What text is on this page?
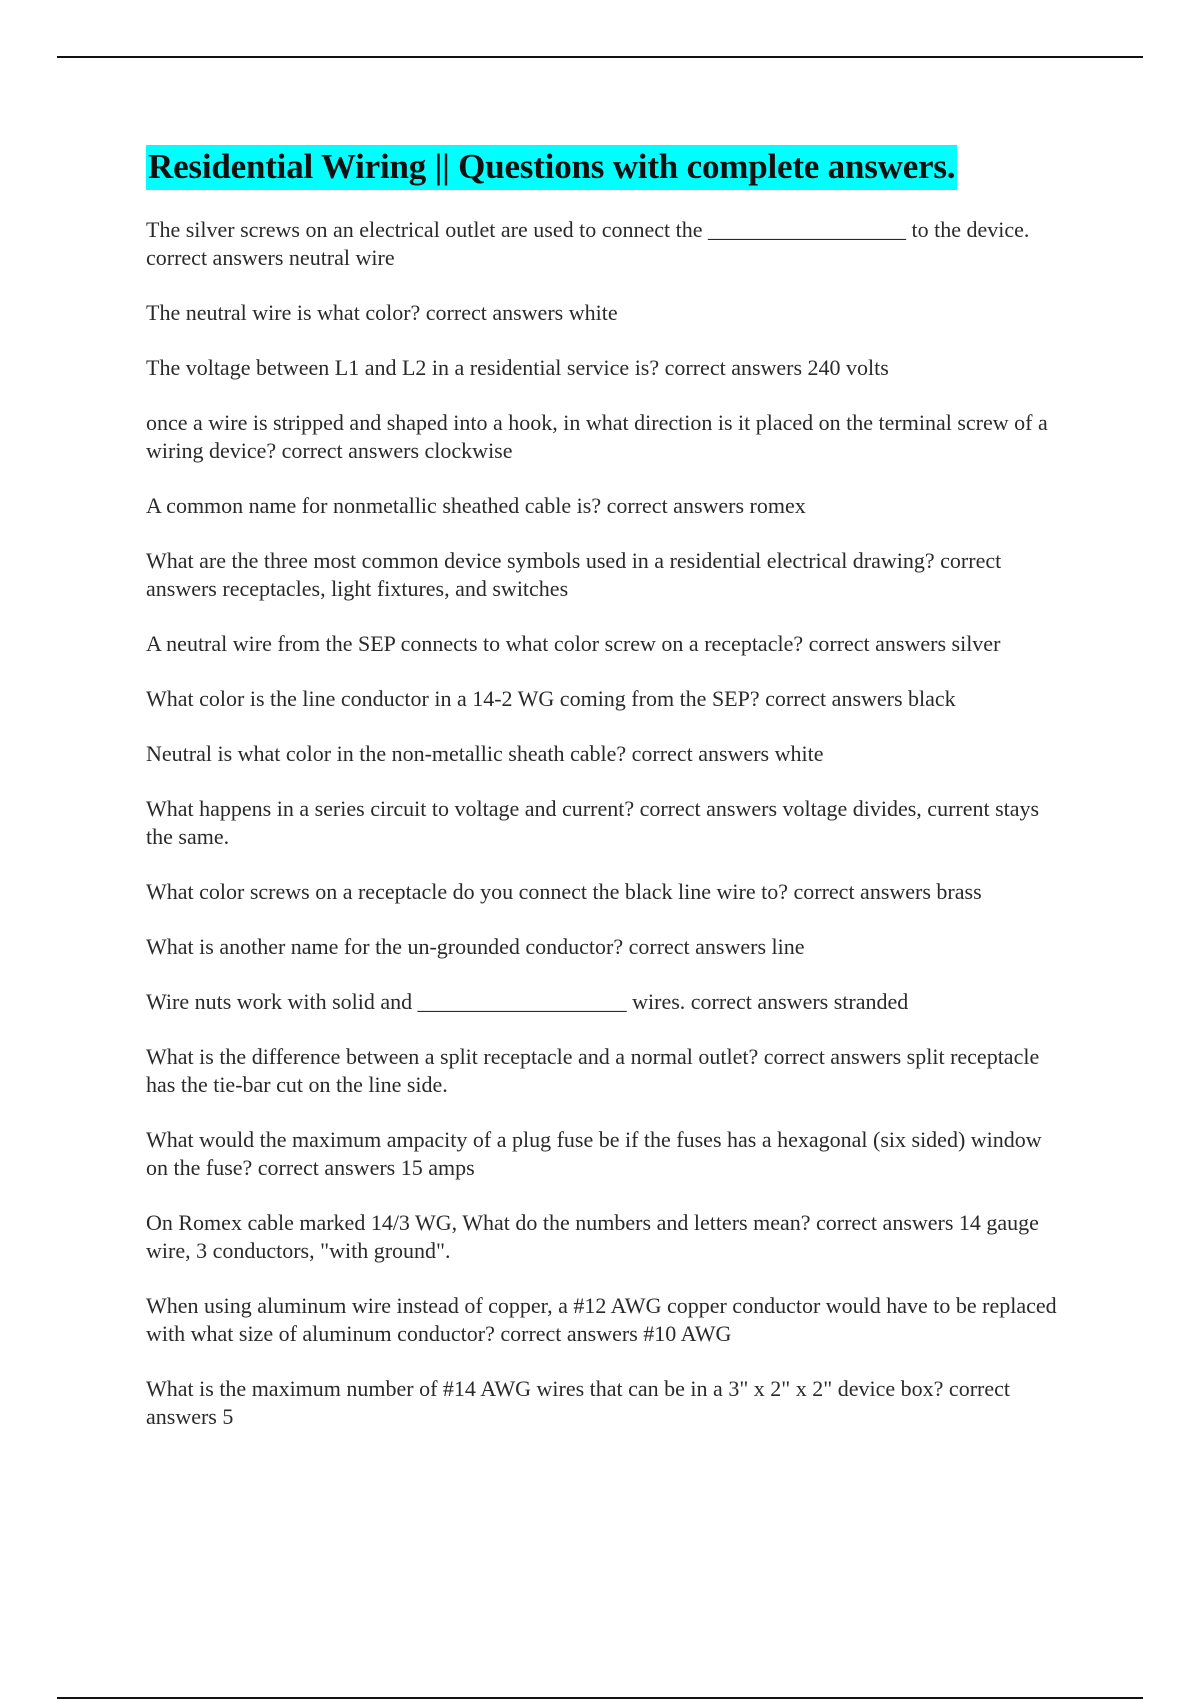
Residential Wiring || Questions with complete answers.

The silver screws on an electrical outlet are used to connect the __________________ to the device. correct answers neutral wire

The neutral wire is what color? correct answers white

The voltage between L1 and L2 in a residential service is? correct answers 240 volts

once a wire is stripped and shaped into a hook, in what direction is it placed on the terminal screw of a wiring device? correct answers clockwise

A common name for nonmetallic sheathed cable is? correct answers romex

What are the three most common device symbols used in a residential electrical drawing? correct answers receptacles, light fixtures, and switches

A neutral wire from the SEP connects to what color screw on a receptacle? correct answers silver

What color is the line conductor in a 14-2 WG coming from the SEP? correct answers black

Neutral is what color in the non-metallic sheath cable? correct answers white

What happens in a series circuit to voltage and current? correct answers voltage divides, current stays the same.

What color screws on a receptacle do you connect the black line wire to? correct answers brass

What is another name for the un-grounded conductor? correct answers line

Wire nuts work with solid and ___________________ wires. correct answers stranded

What is the difference between a split receptacle and a normal outlet? correct answers split receptacle has the tie-bar cut on the line side.

What would the maximum ampacity of a plug fuse be if the fuses has a hexagonal (six sided) window on the fuse? correct answers 15 amps

On Romex cable marked 14/3 WG, What do the numbers and letters mean? correct answers 14 gauge wire, 3 conductors, "with ground".

When using aluminum wire instead of copper, a #12 AWG copper conductor would have to be replaced with what size of aluminum conductor? correct answers #10 AWG

What is the maximum number of #14 AWG wires that can be in a 3" x 2" x 2" device box? correct answers 5
